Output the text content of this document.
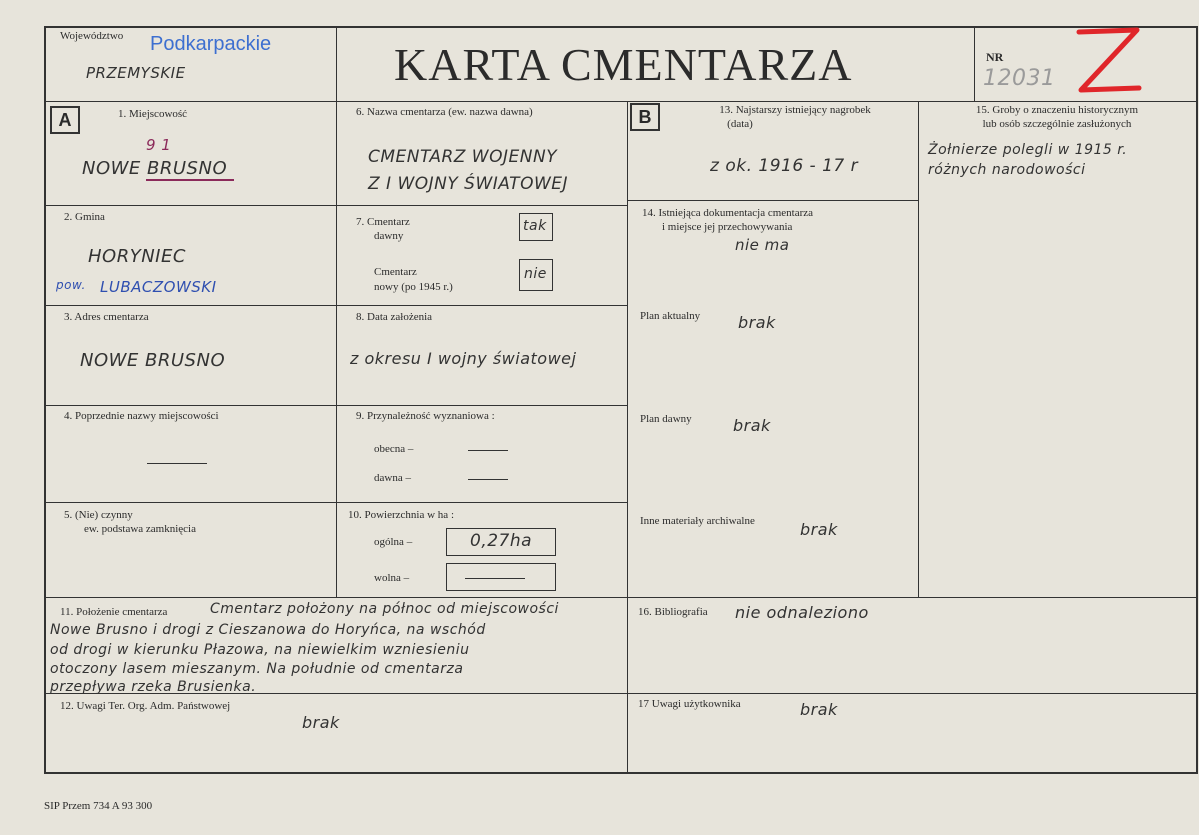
Województwo Podkarpackie
PRZEMYSKIE	KARTA CMENTARZA	NR
12031
A	B
1. Miejscowość
9 1
NOWE BRUSNO
2. Gmina
HORYNIEC
pow. LUBACZOWSKI
3. Adres cmentarza
NOWE BRUSNO
4. Poprzednie nazwy miejscowości
5. (Nie) czynny
ew. podstawa zamknięcia
6. Nazwa cmentarza (ew. nazwa dawna)
CMENTARZ WOJENNY
Z I WOJNY ŚWIATOWEJ
7. Cmentarz
dawny
tak
Cmentarz
nowy (po 1945 r.)
nie
8. Data założenia
z okresu I wojny światowej
9. Przynależność wyznaniowa :
obecna –
dawna –
10. Powierzchnia w ha :
ogólna –	0,27ha
wolna –
13. Najstarszy istniejący nagrobek
(data)
z ok. 1916 - 17 r
14. Istniejąca dokumentacja cmentarza
i miejsce jej przechowywania
nie ma
Plan aktualny brak
Plan dawny	brak
Inne materiały archiwalne	brak
15. Groby o znaczeniu historycznym
lub osób szczególnie zasłużonych
Żołnierze polegli w 1915 r.
różnych narodowości
11. Położenie cmentarza	Cmentarz położony na północ od miejscowości
Nowe Brusno i drogi z Cieszanowa do Horyńca, na wschód
od drogi w kierunku Płazowa, na niewielkim wzniesieniu
otoczony lasem mieszanym. Na południe od cmentarza
przepływa rzeka Brusienka.
16. Bibliografia nie odnaleziono
12. Uwagi Ter. Org. Adm. Państwowej
brak
17 Uwagi użytkownika	brak
SIP Przem 734 A 93 300
